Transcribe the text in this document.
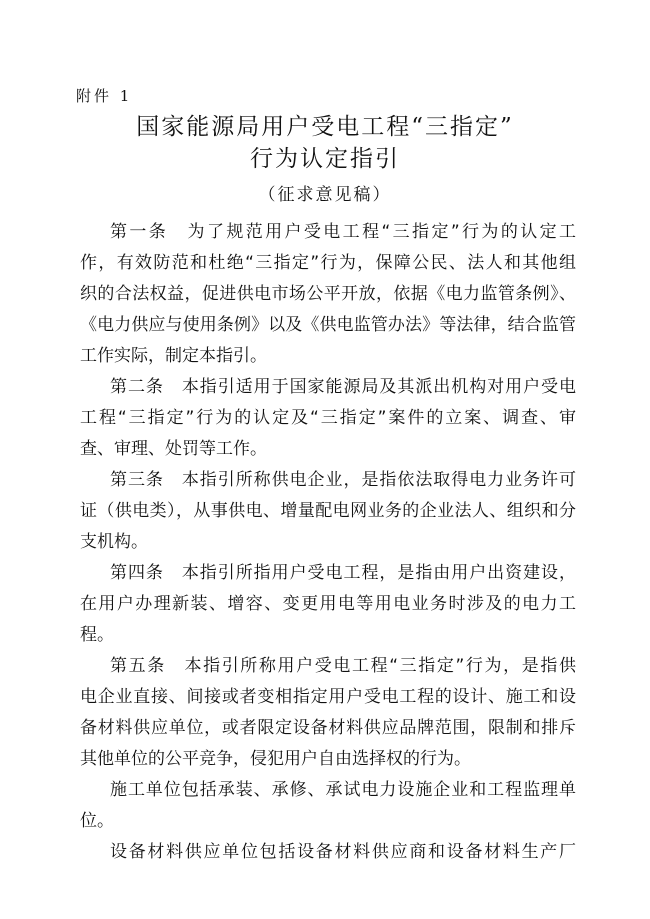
附件 1
国家能源局用户受电工程“三指定”
行为认定指引
（征求意见稿）
第一条　为了规范用户受电工程“三指定”行为的认定工
作，有效防范和杜绝“三指定”行为，保障公民、法人和其他组
织的合法权益，促进供电市场公平开放，依据《电力监管条例》、
《电力供应与使用条例》以及《供电监管办法》等法律，结合监管
工作实际，制定本指引。
第二条　本指引适用于国家能源局及其派出机构对用户受电
工程“三指定”行为的认定及“三指定”案件的立案、调查、审
查、审理、处罚等工作。
第三条　本指引所称供电企业，是指依法取得电力业务许可
证（供电类），从事供电、增量配电网业务的企业法人、组织和分
支机构。
第四条　本指引所指用户受电工程，是指由用户出资建设，
在用户办理新装、增容、变更用电等用电业务时涉及的电力工
程。
第五条　本指引所称用户受电工程“三指定”行为，是指供
电企业直接、间接或者变相指定用户受电工程的设计、施工和设
备材料供应单位，或者限定设备材料供应品牌范围，限制和排斥
其他单位的公平竞争，侵犯用户自由选择权的行为。
施工单位包括承装、承修、承试电力设施企业和工程监理单
位。
设备材料供应单位包括设备材料供应商和设备材料生产厂
